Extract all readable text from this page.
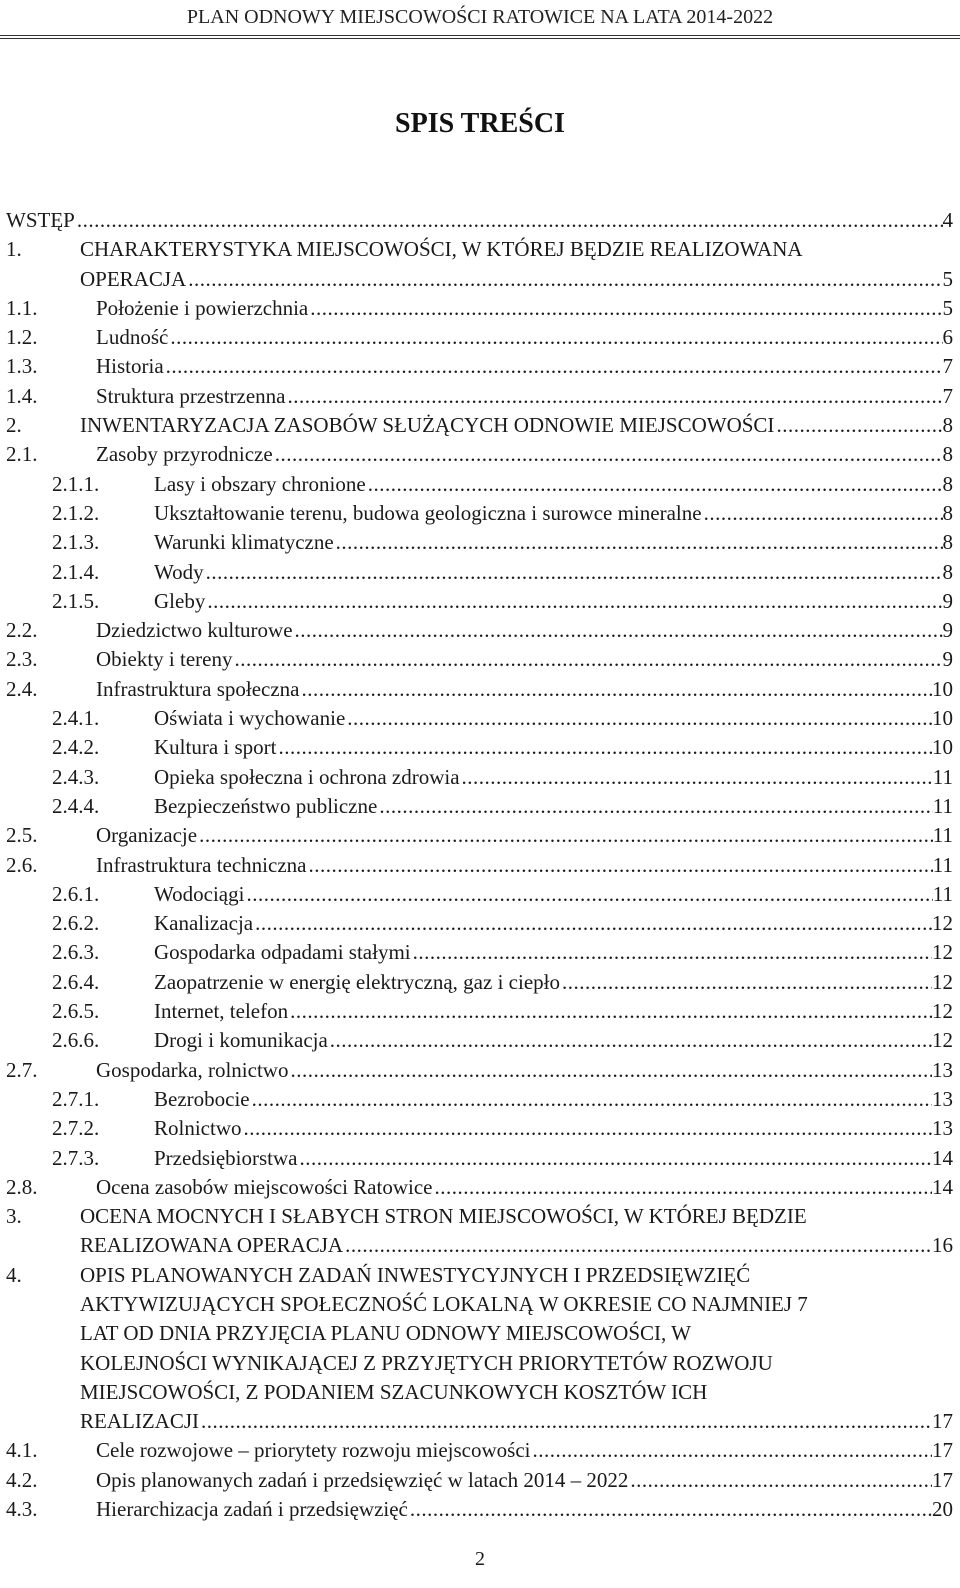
PLAN ODNOWY MIEJSCOWOŚCI RATOWICE NA LATA 2014-2022
SPIS TREŚCI
WSTĘP .....	4
1.	CHARAKTERYSTYKA MIEJSCOWOŚCI, W KTÓREJ BĘDZIE REALIZOWANA
OPERACJA .....	5
1.1.	Położenie i powierzchnia .....	5
1.2.	Ludność .....	6
1.3.	Historia .....	7
1.4.	Struktura przestrzenna .....	7
2.	INWENTARYZACJA ZASOBÓW SŁUŻĄCYCH ODNOWIE MIEJSCOWOŚCI .....	8
2.1.	Zasoby przyrodnicze .....	8
2.1.1.	Lasy i obszary chronione .....	8
2.1.2.	Ukształtowanie terenu, budowa geologiczna i surowce mineralne .....	8
2.1.3.	Warunki klimatyczne .....	8
2.1.4.	Wody .....	8
2.1.5.	Gleby .....	9
2.2.	Dziedzictwo kulturowe .....	9
2.3.	Obiekty i tereny .....	9
2.4.	Infrastruktura społeczna .....	10
2.4.1.	Oświata i wychowanie .....	10
2.4.2.	Kultura i sport .....	10
2.4.3.	Opieka społeczna i ochrona zdrowia .....	11
2.4.4.	Bezpieczeństwo publiczne .....	11
2.5.	Organizacje .....	11
2.6.	Infrastruktura techniczna .....	11
2.6.1.	Wodociągi .....	11
2.6.2.	Kanalizacja .....	12
2.6.3.	Gospodarka odpadami stałymi .....	12
2.6.4.	Zaopatrzenie w energię elektryczną, gaz i ciepło .....	12
2.6.5.	Internet, telefon .....	12
2.6.6.	Drogi i komunikacja .....	12
2.7.	Gospodarka, rolnictwo .....	13
2.7.1.	Bezrobocie .....	13
2.7.2.	Rolnictwo .....	13
2.7.3.	Przedsiębiorstwa .....	14
2.8.	Ocena zasobów miejscowości Ratowice .....	14
3.	OCENA MOCNYCH I SŁABYCH STRON MIEJSCOWOŚCI, W KTÓREJ BĘDZIE
REALIZOWANA OPERACJA .....	16
4.	OPIS PLANOWANYCH ZADAŃ INWESTYCYJNYCH I PRZEDSIĘWZIĘĆ
AKTYWIZUJĄCYCH SPOŁECZNOŚĆ LOKALNĄ W OKRESIE CO NAJMNIEJ 7
LAT OD DNIA PRZYJĘCIA PLANU ODNOWY MIEJSCOWOŚCI, W
KOLEJNOŚCI WYNIKAJĄCEJ Z PRZYJĘTYCH PRIORYTETÓW ROZWOJU
MIEJSCOWOŚCI, Z PODANIEM SZACUNKOWYCH KOSZTÓW ICH
REALIZACJI .....	17
4.1.	Cele rozwojowe – priorytety rozwoju miejscowości .....	17
4.2.	Opis planowanych zadań i przedsięwzięć w latach 2014 – 2022 .....	17
4.3.	Hierarchizacja zadań i przedsięwzięć .....	20
2
